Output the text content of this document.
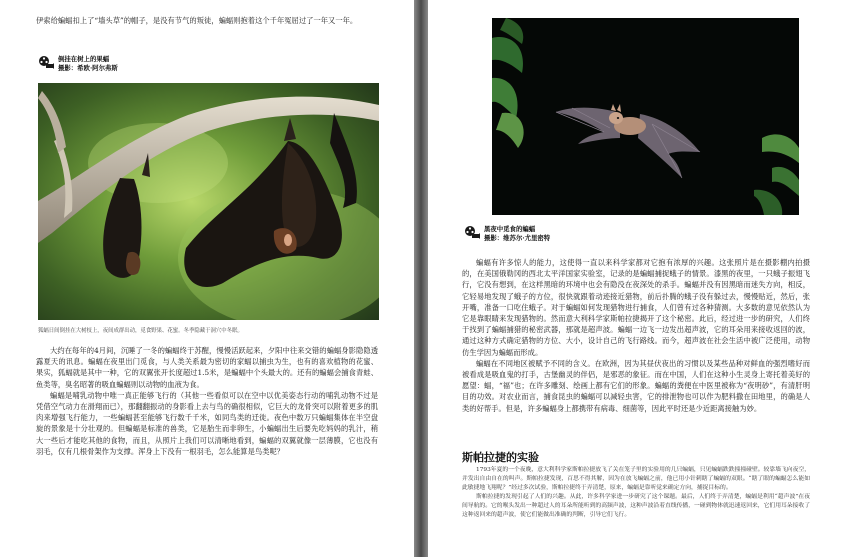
伊索给蝙蝠扣上了“墙头草”的帽子，是没有节气的叛徒，蝙蝠则抱着这个千年冤屈过了一年又一年。

倒挂在树上的果蝠
摄影：希欧·阿尔弗斯
狐蝠日间倒挂在大树枝上，夜间成群出动，觅食野果、花蜜。冬季隐藏于洞穴中冬眠。

大约在每年的4月间，沉睡了一冬的蝙蝠终于苏醒，慢慢活跃起来，夕阳中往来交错的蝙蝠身影隐隐透露夏天的讯息。蝙蝠在夜里出门觅食，与人类关系最为密切的家蝠以捕虫为生，也有的喜欢植物的花蜜、果实，狐蝠就是其中一种，它的双翼张开长度超过1.5米，是蝙蝠中个头最大的。还有的蝙蝠会捕食青蛙、鱼类等，臭名昭著的吸血蝙蝠则以动物的血液为食。

蝙蝠是哺乳动物中唯一真正能够飞行的（其他一些看似可以在空中以优美姿态行动的哺乳动物不过是凭借空气动力在滑翔而已），那翻翻振动的身影看上去与鸟的确很相似，它巨大的龙骨突可以附着更多的肌肉来增强飞行能力，一些蝙蝠甚至能够飞行数千千米，如同鸟类的迁徙。夜色中数万只蝙蝠集体在半空盘旋的景象是十分壮观的。但蝙蝠是标准的兽类，它是胎生而非卵生，小蝙蝠出生后要先吃妈妈的乳汁，稍大一些后才能吃其他的食物，而且，从照片上我们可以清晰地看到，蝙蝠的双翼就像一层薄膜，它也没有羽毛，仅有几根骨架作为支撑。浑身上下没有一根羽毛，怎么能算是鸟类呢？

黑夜中觅食的蝙蝠
摄影：维苏尔·尤里密特

蝙蝠有许多惊人的能力，这使得一直以来科学家都对它抱有浓厚的兴趣。这张照片是在摄影棚内拍摄的，在美国俄勒冈的西北太平洋国家实验室，记录的是蝙蝠捕捉蛾子的情景。漆黑的夜里，一只蛾子振翅飞行，它没有想到，在这样黑暗的环境中也会有隐没在夜深处的杀手。蝙蝠并没有因黑暗而迷失方向，相反，它轻易地发现了蛾子的方位，很快就跟着动迹接近猎物，前后扑腾的蛾子没有躲过去，慢慢贴近，然后，张开嘴，准备一口吃住蛾子。对于蝙蝠如何发现猎物进行捕食，人们曾有过各种猜测。大多数的意见依然认为它是靠眼睛来发现猎物的。然而意大利科学家斯帕拉捷揭开了这个秘密。此后，经过进一步的研究，人们终于找到了蝙蝠捕猎的秘密武器，那就是超声波。蝙蝠一边飞一边发出超声波，它的耳朵用来接收返回的波，通过这种方式确定猎物的方位、大小，设计自己的飞行路线。而今，超声波在社会生活中被广泛使用，动物仿生学因为蝙蝠而形成。

蝙蝠在不同地区被赋予不同的含义。在欧洲，因为其昼伏夜出的习惯以及某些品种对鲜血的强烈嗜好而被看成是吸血鬼的打手，古堡幽灵的伴侣，是邪恶的象征。而在中国，人们在这种小生灵身上寄托着美好的愿望：蝠，“福”也；在许多雕刻、绘画上都有它们的形象。蝙蝠的粪便在中医里被称为“夜明砂”，有清肝明目的功效。对农业而言，捕食昆虫的蝙蝠可以减轻虫害，它的排泄物也可以作为肥料撒在田地里，的确是人类的好帮手。但是，许多蝙蝠身上都携带有病毒、细菌等，因此平时还是少近距离接触为妙。

斯帕拉捷的实验

1793年夏的一个夜晚，意大利科学家斯帕拉捷放飞了关在笼子里的实验用的几只蝙蝠，只见蝙蝠跌跌撞撞碰壁。较靠墙飞向夜空，并发出自由自在的叫声。斯帕拉捷发现，百思不得其解，因为在放飞蝙蝠之前，他已用小针刺瞎了蝙蝠的双眼。“瞎了眼的蝙蝠怎么能如此敏捷地飞翔呢？”经过多次试验，斯帕拉捷终于弄清楚，原来，蝙蝠是靠听觉来确定方向，捕捉目标的。

斯帕拉捷的发现引起了人们的兴趣。从此，许多科学家进一步研究了这个课题。最后，人们终于弄清楚，蝙蝠是利用“超声波”在夜间导航的。它的喉头发出一种超过人的耳朵所能听到的高频声波，这种声波沿着直线传播，一碰到物体就迅速返回来，它们用耳朵接收了这种返回来的超声波，使它们能做出准确的判断，引导它们飞行。
